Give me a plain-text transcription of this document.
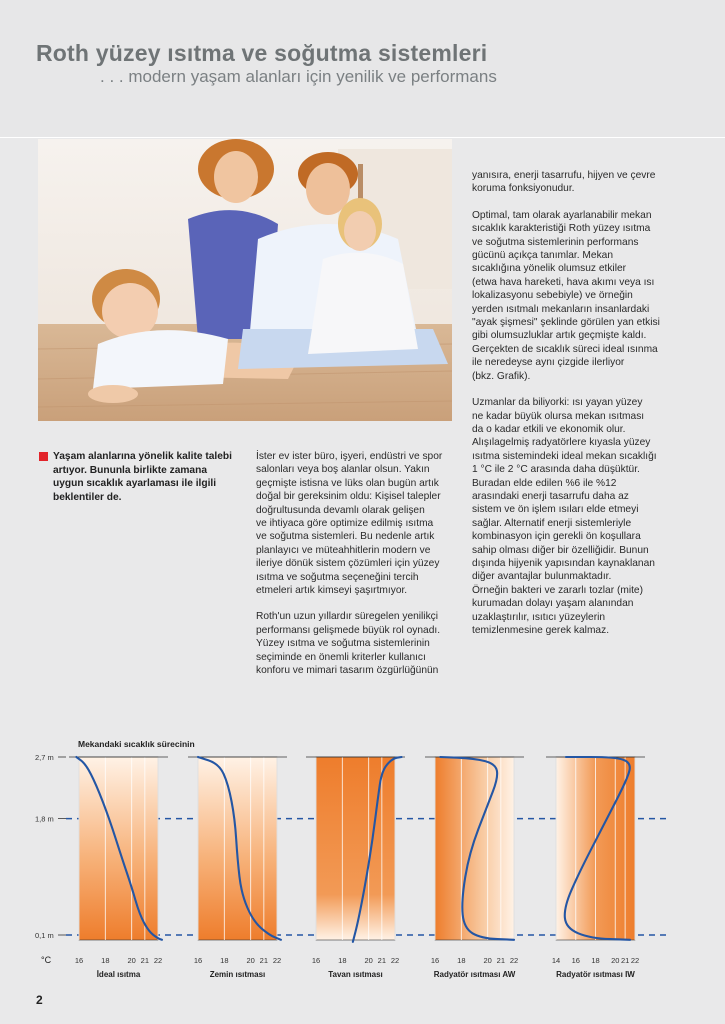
Roth yüzey ısıtma ve soğutma sistemleri
. . . modern yaşam alanları için yenilik ve performans
Yaşam alanlarına yönelik kalite talebi artıyor. Bununla birlikte zamana uygun sıcaklık ayarlaması ile ilgili beklentiler de.

İster ev ister büro, işyeri, endüstri ve spor
salonları veya boş alanlar olsun. Yakın
geçmişte istisna ve lüks olan bugün artık
doğal bir gereksinim oldu: Kişisel talepler
doğrultusunda devamlı olarak gelişen
ve ihtiyaca göre optimize edilmiş ısıtma
ve soğutma sistemleri. Bu nedenle artık
planlayıcı ve müteahhitlerin modern ve
ileriye dönük sistem çözümleri için yüzey
ısıtma ve soğutma seçeneğini tercih
etmeleri artık kimseyi şaşırtmıyor.

Roth'un uzun yıllardır süregelen yenilikçi
performansı gelişmede büyük rol oynadı.
Yüzey ısıtma ve soğutma sistemlerinin
seçiminde en önemli kriterler kullanıcı
konforu ve mimari tasarım özgürlüğünün

yanısıra, enerji tasarrufu, hijyen ve çevre
koruma fonksiyonudur.

Optimal, tam olarak ayarlanabilir mekan
sıcaklık karakteristiği Roth yüzey ısıtma
ve soğutma sistemlerinin performans
gücünü açıkça tanımlar. Mekan
sıcaklığına yönelik olumsuz etkiler
(etwa hava hareketi, hava akımı veya ısı
lokalizasyonu sebebiyle) ve örneğin
yerden ısıtmalı mekanların insanlardaki
"ayak şişmesi" şeklinde görülen yan etkisi
gibi olumsuzluklar artık geçmişte kaldı.
Gerçekten de sıcaklık süreci ideal ısınma
ile neredeyse aynı çizgide ilerliyor
(bkz. Grafik).

Uzmanlar da biliyorki: ısı yayan yüzey
ne kadar büyük olursa mekan ısıtması
da o kadar etkili ve ekonomik olur.
Alışılagelmiş radyatörlere kıyasla yüzey
ısıtma sistemindeki ideal mekan sıcaklığı
1 °C ile 2 °C arasında daha düşüktür.
Buradan elde edilen %6 ile %12
arasındaki enerji tasarrufu daha az
sistem ve ön işlem ısıları elde etmeyi
sağlar. Alternatif enerji sistemleriyle
kombinasyon için gerekli ön koşullara
sahip olması diğer bir özelliğidir. Bunun
dışında hijyenik yapısından kaynaklanan
diğer avantajlar bulunmaktadır.
Örneğin bakteri ve zararlı tozlar (mite)
kurumadan dolayı yaşam alanından
uzaklaştırılır, ısıtıcı yüzeylerin
temizlenmesine gerek kalmaz.

Mekandaki sıcaklık sürecinin
2,7 m
1,8 m
0,1 m
°C	16 18 20 21 22
İdeal ısıtma
16 18 20 21 22
Zemin ısıtması
16 18 20 21 22
Tavan ısıtması
16 18 20 21 22
Radyatör ısıtması AW
14 16 18 20 21 22
Radyatör ısıtması IW
2
